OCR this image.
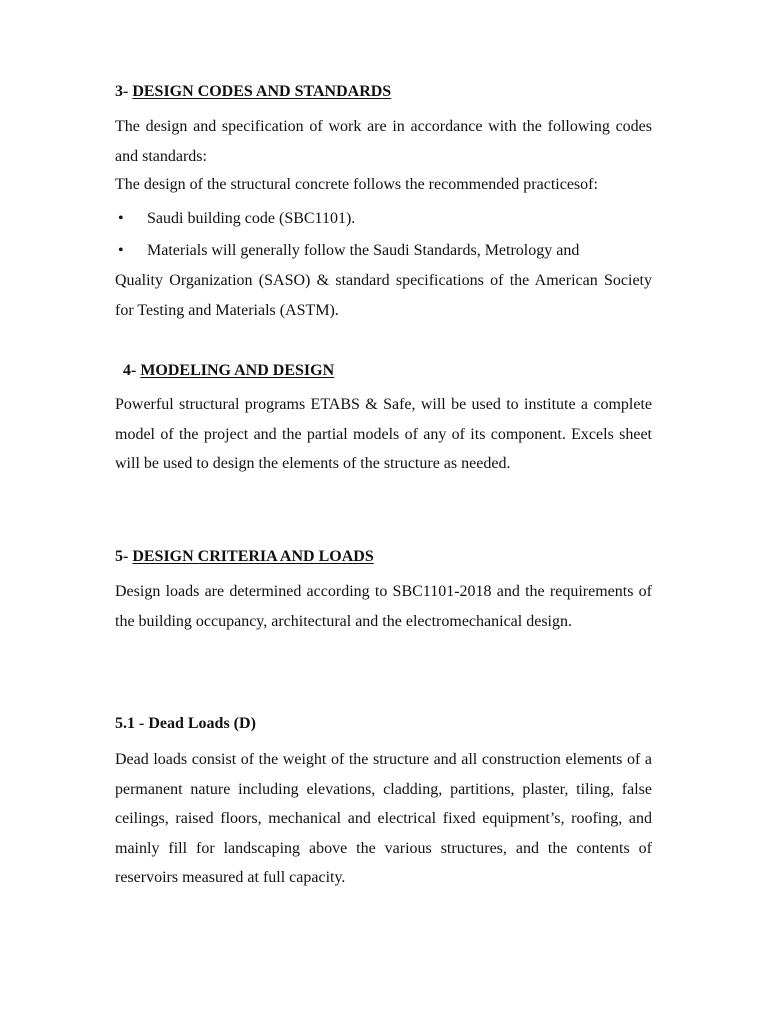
3- DESIGN CODES AND STANDARDS
The design and specification of work are in accordance with the following codes and standards:
The design of the structural concrete follows the recommended practicesof:
• Saudi building code (SBC1101).
• Materials will generally follow the Saudi Standards, Metrology and
Quality Organization (SASO) & standard specifications of the American Society for Testing and Materials (ASTM).
4- MODELING AND DESIGN
Powerful structural programs ETABS & Safe, will be used to institute a complete model of the project and the partial models of any of its component. Excels sheet will be used to design the elements of the structure as needed.
5- DESIGN CRITERIA AND LOADS
Design loads are determined according to SBC1101-2018 and the requirements of the building occupancy, architectural and the electromechanical design.
5.1 - Dead Loads (D)
Dead loads consist of the weight of the structure and all construction elements of a permanent nature including elevations, cladding, partitions, plaster, tiling, false ceilings, raised floors, mechanical and electrical fixed equipment’s, roofing, and mainly fill for landscaping above the various structures, and the contents of reservoirs measured at full capacity.
